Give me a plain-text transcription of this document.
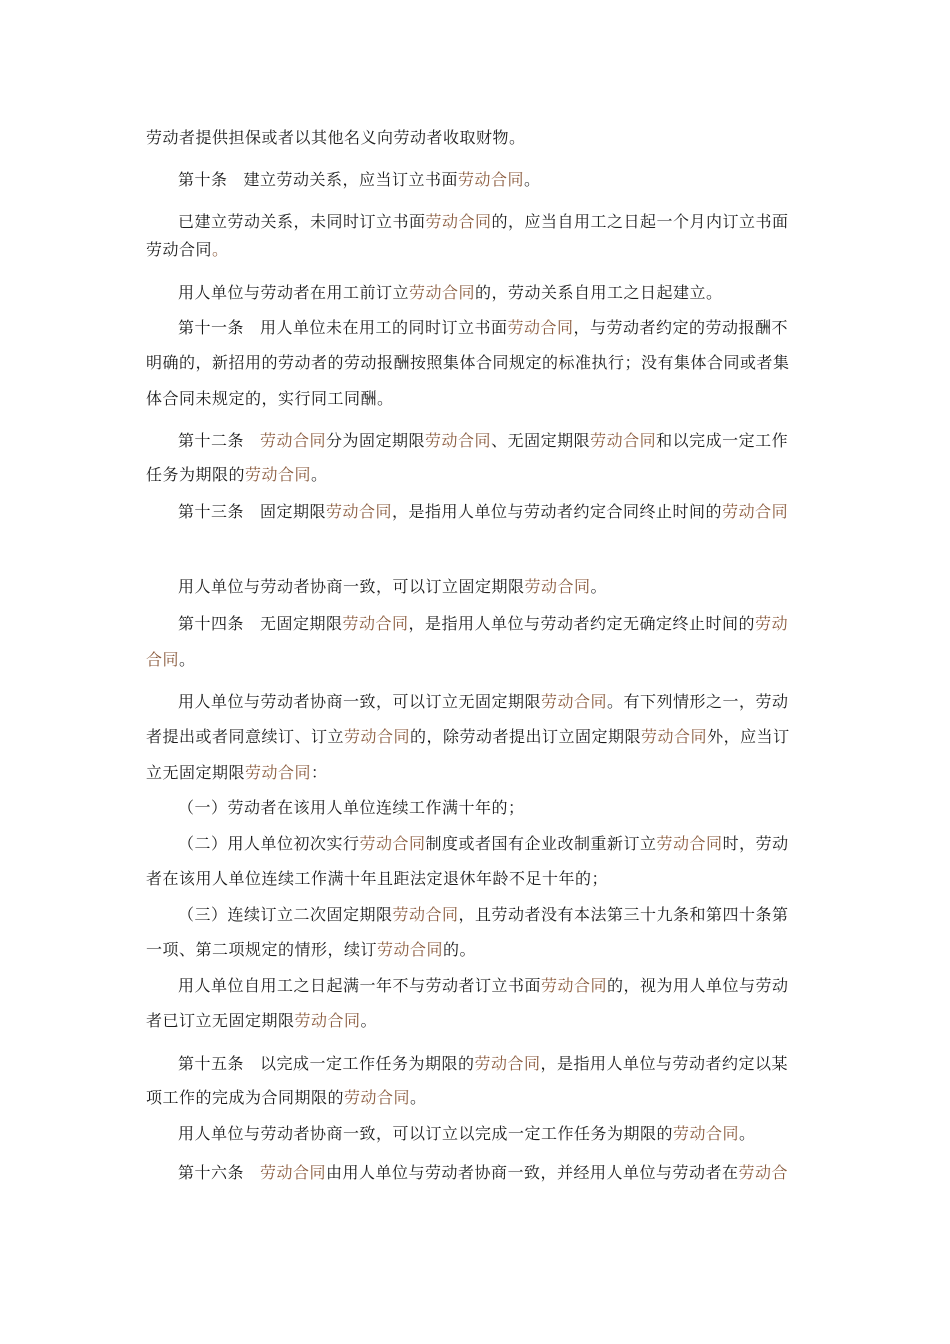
劳动者提供担保或者以其他名义向劳动者收取财物。
第十条 建立劳动关系，应当订立书面劳动合同。
已建立劳动关系，未同时订立书面劳动合同的，应当自用工之日起一个月内订立书面
劳动合同。
用人单位与劳动者在用工前订立劳动合同的，劳动关系自用工之日起建立。
第十一条 用人单位未在用工的同时订立书面劳动合同，与劳动者约定的劳动报酬不
明确的，新招用的劳动者的劳动报酬按照集体合同规定的标准执行；没有集体合同或者集
体合同未规定的，实行同工同酬。
第十二条 劳动合同分为固定期限劳动合同、无固定期限劳动合同和以完成一定工作
任务为期限的劳动合同。
第十三条 固定期限劳动合同，是指用人单位与劳动者约定合同终止时间的劳动合同
用人单位与劳动者协商一致，可以订立固定期限劳动合同。
第十四条 无固定期限劳动合同，是指用人单位与劳动者约定无确定终止时间的劳动
合同。
用人单位与劳动者协商一致，可以订立无固定期限劳动合同。有下列情形之一，劳动
者提出或者同意续订、订立劳动合同的，除劳动者提出订立固定期限劳动合同外，应当订
立无固定期限劳动合同：
（一）劳动者在该用人单位连续工作满十年的；
（二）用人单位初次实行劳动合同制度或者国有企业改制重新订立劳动合同时，劳动
者在该用人单位连续工作满十年且距法定退休年龄不足十年的；
（三）连续订立二次固定期限劳动合同，且劳动者没有本法第三十九条和第四十条第
一项、第二项规定的情形，续订劳动合同的。
用人单位自用工之日起满一年不与劳动者订立书面劳动合同的，视为用人单位与劳动
者已订立无固定期限劳动合同。
第十五条 以完成一定工作任务为期限的劳动合同，是指用人单位与劳动者约定以某
项工作的完成为合同期限的劳动合同。
用人单位与劳动者协商一致，可以订立以完成一定工作任务为期限的劳动合同。
第十六条 劳动合同由用人单位与劳动者协商一致，并经用人单位与劳动者在劳动合
